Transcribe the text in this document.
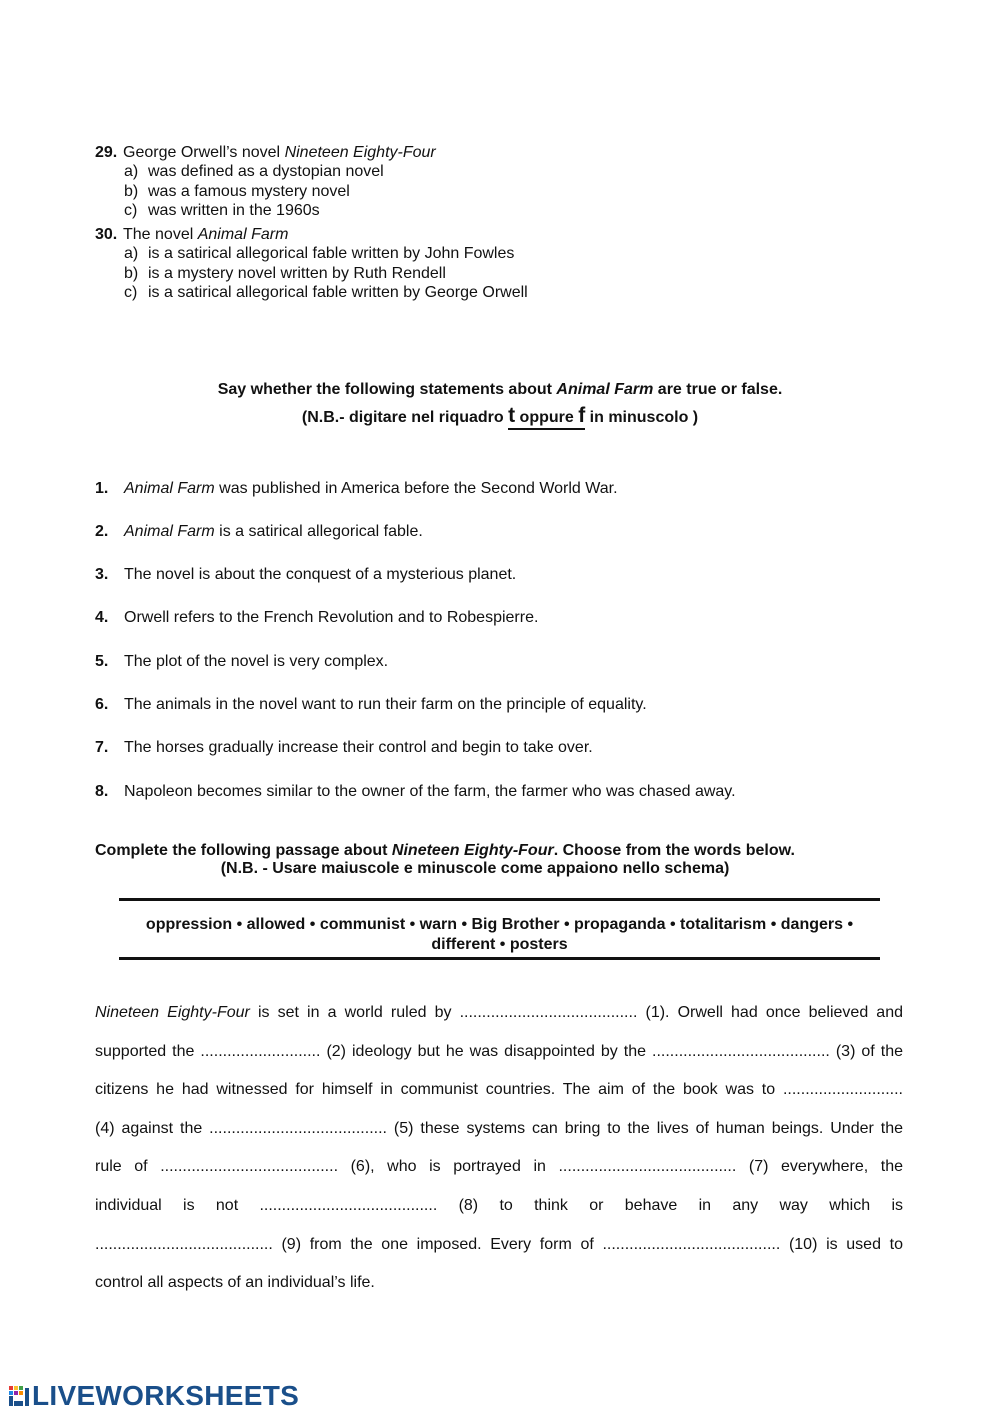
29. George Orwell’s novel Nineteen Eighty-Four
a) was defined as a dystopian novel
b) was a famous mystery novel
c) was written in the 1960s
30. The novel Animal Farm
a) is a satirical allegorical fable written by John Fowles
b) is a mystery novel written by Ruth Rendell
c) is a satirical allegorical fable written by George Orwell
Say whether the following statements about Animal Farm are true or false.
(N.B.- digitare nel riquadro t oppure f in minuscolo )
1. Animal Farm was published in America before the Second World War.
2. Animal Farm is a satirical allegorical fable.
3. The novel is about the conquest of a mysterious planet.
4. Orwell refers to the French Revolution and to Robespierre.
5. The plot of the novel is very complex.
6. The animals in the novel want to run their farm on the principle of equality.
7. The horses gradually increase their control and begin to take over.
8. Napoleon becomes similar to the owner of the farm, the farmer who was chased away.
Complete the following passage about Nineteen Eighty-Four. Choose from the words below.
(N.B. - Usare maiuscole e minuscole come appaiono nello schema)
oppression • allowed • communist • warn • Big Brother • propaganda • totalitarism • dangers •
different • posters
Nineteen Eighty-Four is set in a world ruled by ........................................ (1). Orwell had once believed and
supported the ........................... (2) ideology but he was disappointed by the ........................................ (3) of the
citizens he had witnessed for himself in communist countries. The aim of the book was to ...........................
(4) against the ........................................ (5) these systems can bring to the lives of human beings. Under the
rule of ........................................ (6), who is portrayed in ........................................ (7) everywhere, the
individual is not ........................................ (8) to think or behave in any way which is
........................................ (9) from the one imposed. Every form of ........................................ (10) is used to
control all aspects of an individual’s life.
LIVEWORKSHEETS
